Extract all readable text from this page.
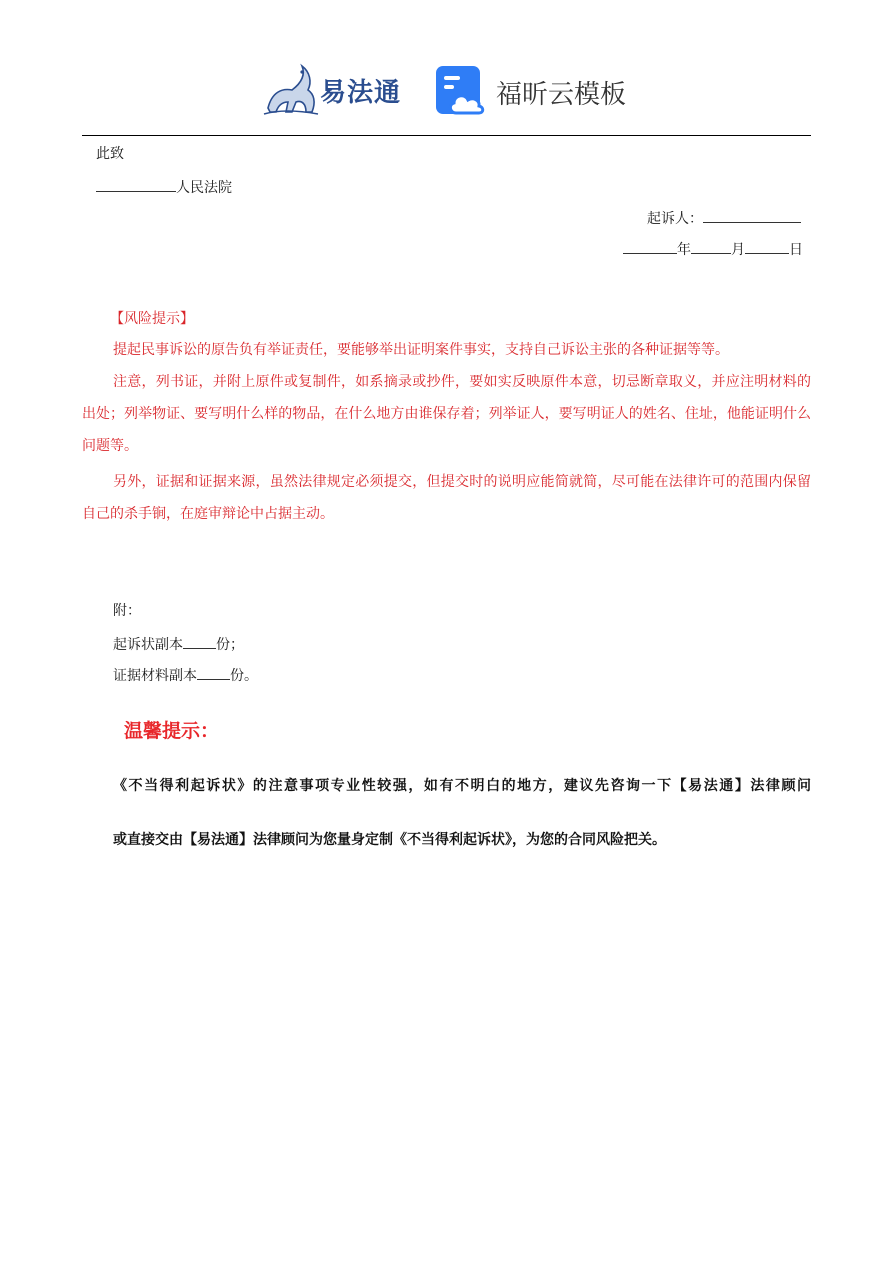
易法通	福昕云模板
此致
人民法院
起诉人：
年	月	日
【风险提示】
提起民事诉讼的原告负有举证责任，要能够举出证明案件事实，支持自己诉讼主张的各种证据等等。
注意，列书证，并附上原件或复制件，如系摘录或抄件，要如实反映原件本意，切忌断章取义，并应注明材料的出处；列举物证、要写明什么样的物品，在什么地方由谁保存着；列举证人，要写明证人的姓名、住址，他能证明什么问题等。
另外，证据和证据来源，虽然法律规定必须提交，但提交时的说明应能简就简，尽可能在法律许可的范围内保留自己的杀手锏，在庭审辩论中占据主动。
附：
起诉状副本 份；
证据材料副本 份。
温馨提示：
《不当得利起诉状》的注意事项专业性较强，如有不明白的地方，建议先咨询一下【易法通】法律顾问
或直接交由【易法通】法律顾问为您量身定制《不当得利起诉状》，为您的合同风险把关。
